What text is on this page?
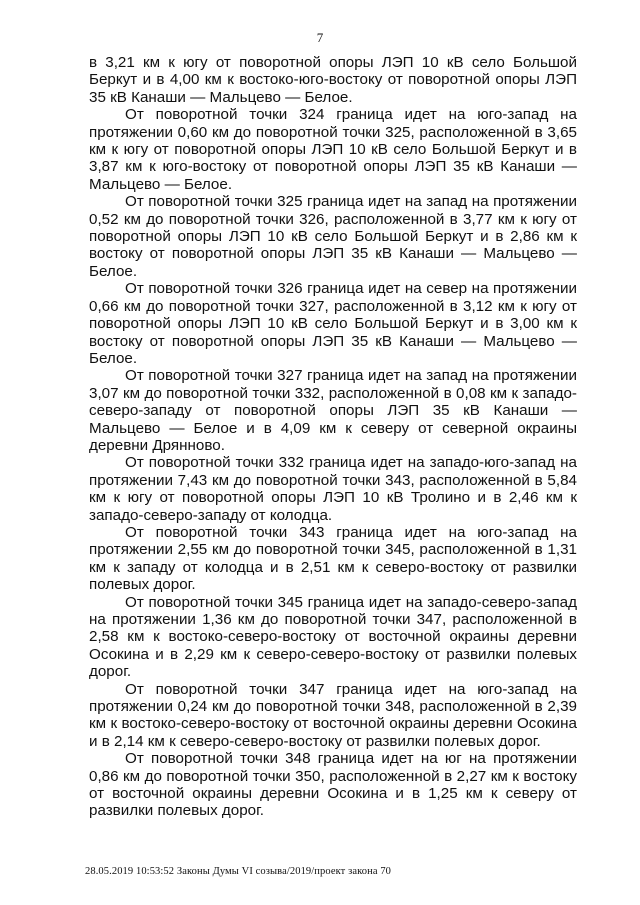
7

в 3,21 км к югу от поворотной опоры ЛЭП 10 кВ село Большой Беркут и в 4,00 км к востоко-юго-востоку от поворотной опоры ЛЭП 35 кВ Канаши — Мальцево — Белое.

От поворотной точки 324 граница идет на юго-запад на протяжении 0,60 км до поворотной точки 325, расположенной в 3,65 км к югу от поворотной опоры ЛЭП 10 кВ село Большой Беркут и в 3,87 км к юго-востоку от поворотной опоры ЛЭП 35 кВ Канаши — Мальцево — Белое.

От поворотной точки 325 граница идет на запад на протяжении 0,52 км до поворотной точки 326, расположенной в 3,77 км к югу от поворотной опоры ЛЭП 10 кВ село Большой Беркут и в 2,86 км к востоку от поворотной опоры ЛЭП 35 кВ Канаши — Мальцево — Белое.

От поворотной точки 326 граница идет на север на протяжении 0,66 км до поворотной точки 327, расположенной в 3,12 км к югу от поворотной опоры ЛЭП 10 кВ село Большой Беркут и в 3,00 км к востоку от поворотной опоры ЛЭП 35 кВ Канаши — Мальцево — Белое.

От поворотной точки 327 граница идет на запад на протяжении 3,07 км до поворотной точки 332, расположенной в 0,08 км к западо-северо-западу от поворотной опоры ЛЭП 35 кВ Канаши — Мальцево — Белое и в 4,09 км к северу от северной окраины деревни Дрянново.

От поворотной точки 332 граница идет на западо-юго-запад на протяжении 7,43 км до поворотной точки 343, расположенной в 5,84 км к югу от поворотной опоры ЛЭП 10 кВ Тролино и в 2,46 км к западо-северо-западу от колодца.

От поворотной точки 343 граница идет на юго-запад на протяжении 2,55 км до поворотной точки 345, расположенной в 1,31 км к западу от колодца и в 2,51 км к северо-востоку от развилки полевых дорог.

От поворотной точки 345 граница идет на западо-северо-запад на протяжении 1,36 км до поворотной точки 347, расположенной в 2,58 км к востоко-северо-востоку от восточной окраины деревни Осокина и в 2,29 км к северо-северо-востоку от развилки полевых дорог.

От поворотной точки 347 граница идет на юго-запад на протяжении 0,24 км до поворотной точки 348, расположенной в 2,39 км к востоко-северо-востоку от восточной окраины деревни Осокина и в 2,14 км к северо-северо-востоку от развилки полевых дорог.

От поворотной точки 348 граница идет на юг на протяжении 0,86 км до поворотной точки 350, расположенной в 2,27 км к востоку от восточной окраины деревни Осокина и в 1,25 км к северу от развилки полевых дорог.

28.05.2019 10:53:52 Законы Думы VI созыва/2019/проект закона 70
